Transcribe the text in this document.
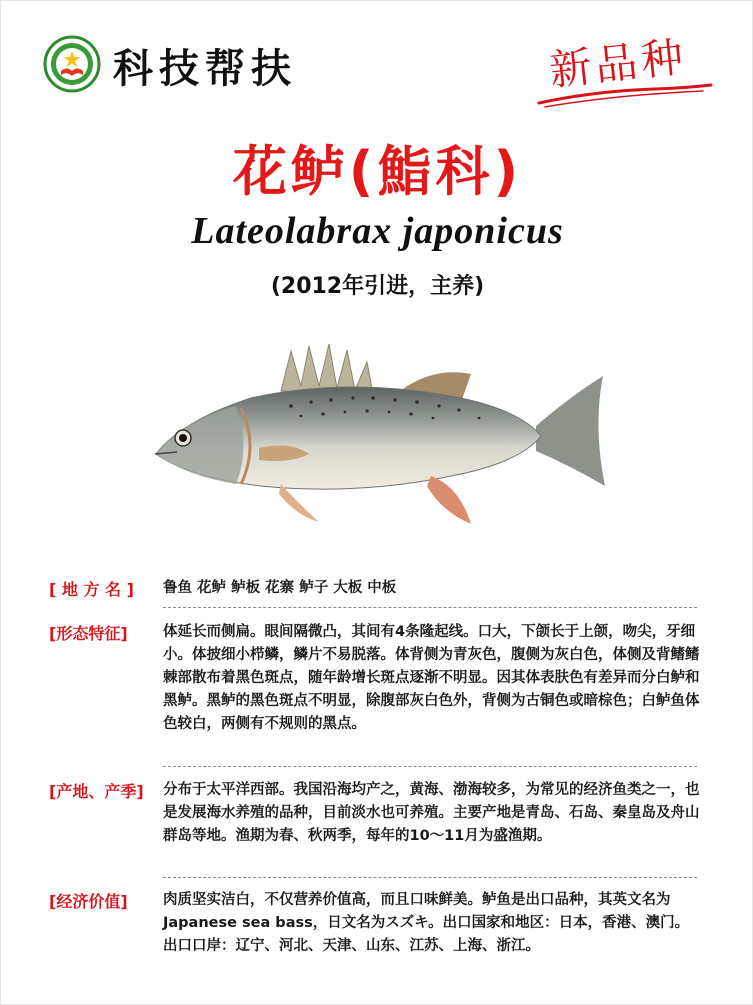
科技帮扶	新品种
花鲈(鮨科)
Lateolabrax japonicus
(2012年引进，主养)
[ 地 方 名 ] 鲁鱼 花鲈 鲈板 花寨 鲈子 大板 中板
[形态特征] 体延长而侧扁。眼间隔微凸，其间有4条隆起线。口大，下颌长于上颌，吻尖，牙细小。体披细小栉鳞，鳞片不易脱落。体背侧为青灰色，腹侧为灰白色，体侧及背鳍鳍棘部散布着黑色斑点，随年龄增长斑点逐渐不明显。因其体表肤色有差异而分白鲈和黑鲈。黑鲈的黑色斑点不明显，除腹部灰白色外，背侧为古铜色或暗棕色；白鲈鱼体色较白，两侧有不规则的黑点。
[产地、产季] 分布于太平洋西部。我国沿海均产之，黄海、渤海较多，为常见的经济鱼类之一，也是发展海水养殖的品种，目前淡水也可养殖。主要产地是青岛、石岛、秦皇岛及舟山群岛等地。渔期为春、秋两季，每年的10～11月为盛渔期。
[经济价值] 肉质坚实洁白，不仅营养价值高，而且口味鲜美。鲈鱼是出口品种，其英文名为Japanese sea bass，日文名为スズキ。出口国家和地区：日本，香港、澳门。出口口岸：辽宁、河北、天津、山东、江苏、上海、浙江。
